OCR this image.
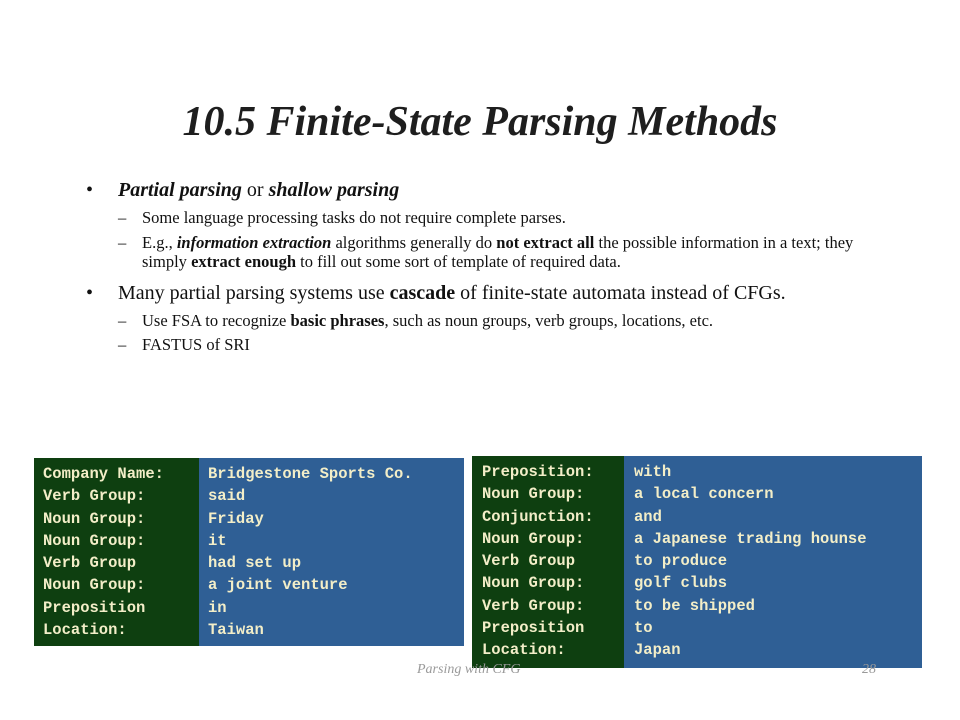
10.5 Finite-State Parsing Methods
• Partial parsing or shallow parsing
– Some language processing tasks do not require complete parses.
– E.g., information extraction algorithms generally do not extract all the possible information in a text; they simply extract enough to fill out some sort of template of required data.
• Many partial parsing systems use cascade of finite-state automata instead of CFGs.
– Use FSA to recognize basic phrases, such as noun groups, verb groups, locations, etc.
– FASTUS of SRI
Company Name:
Verb Group:
Noun Group:
Noun Group:
Verb Group
Noun Group:
Preposition
Location:
Bridgestone Sports Co.
said
Friday
it
had set up
a joint venture
in
Taiwan
Preposition:
Noun Group:
Conjunction:
Noun Group:
Verb Group
Noun Group:
Verb Group:
Preposition
Location:
with
a local concern
and
a Japanese trading hounse
to produce
golf clubs
to be shipped
to
Japan
Parsing with CFG	28
